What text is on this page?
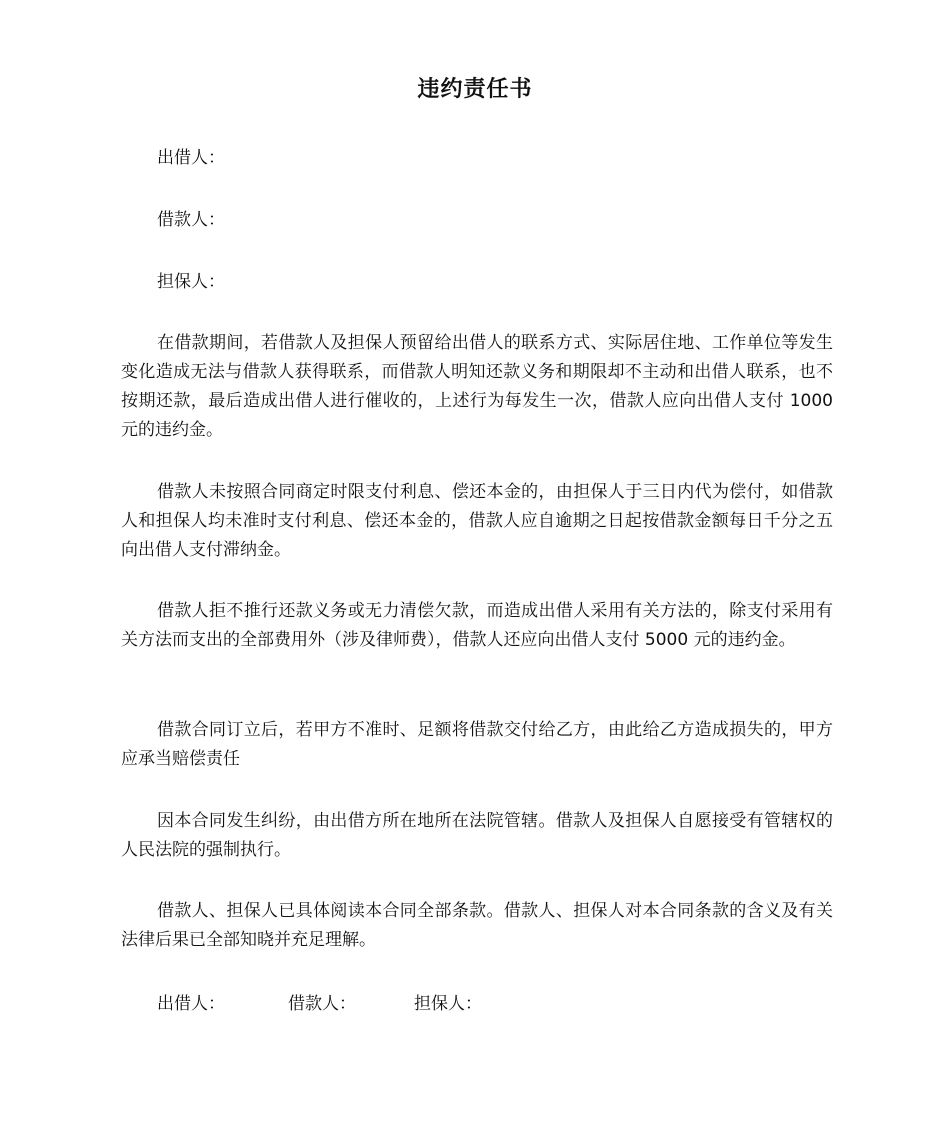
违约责任书
出借人：
借款人：
担保人：
在借款期间，若借款人及担保人预留给出借人的联系方式、实际居住地、工作单位等发生变化造成无法与借款人获得联系，而借款人明知还款义务和期限却不主动和出借人联系，也不按期还款，最后造成出借人进行催收的，上述行为每发生一次，借款人应向出借人支付 1000 元的违约金。
借款人未按照合同商定时限支付利息、偿还本金的，由担保人于三日内代为偿付，如借款人和担保人均未准时支付利息、偿还本金的，借款人应自逾期之日起按借款金额每日千分之五向出借人支付滞纳金。
借款人拒不推行还款义务或无力清偿欠款，而造成出借人采用有关方法的，除支付采用有关方法而支出的全部费用外（涉及律师费），借款人还应向出借人支付 5000 元的违约金。
借款合同订立后，若甲方不准时、足额将借款交付给乙方，由此给乙方造成损失的，甲方应承当赔偿责任
因本合同发生纠纷，由出借方所在地所在法院管辖。借款人及担保人自愿接受有管辖权的人民法院的强制执行。
借款人、担保人已具体阅读本合同全部条款。借款人、担保人对本合同条款的含义及有关法律后果已全部知晓并充足理解。
出借人：	借款人：	担保人：
